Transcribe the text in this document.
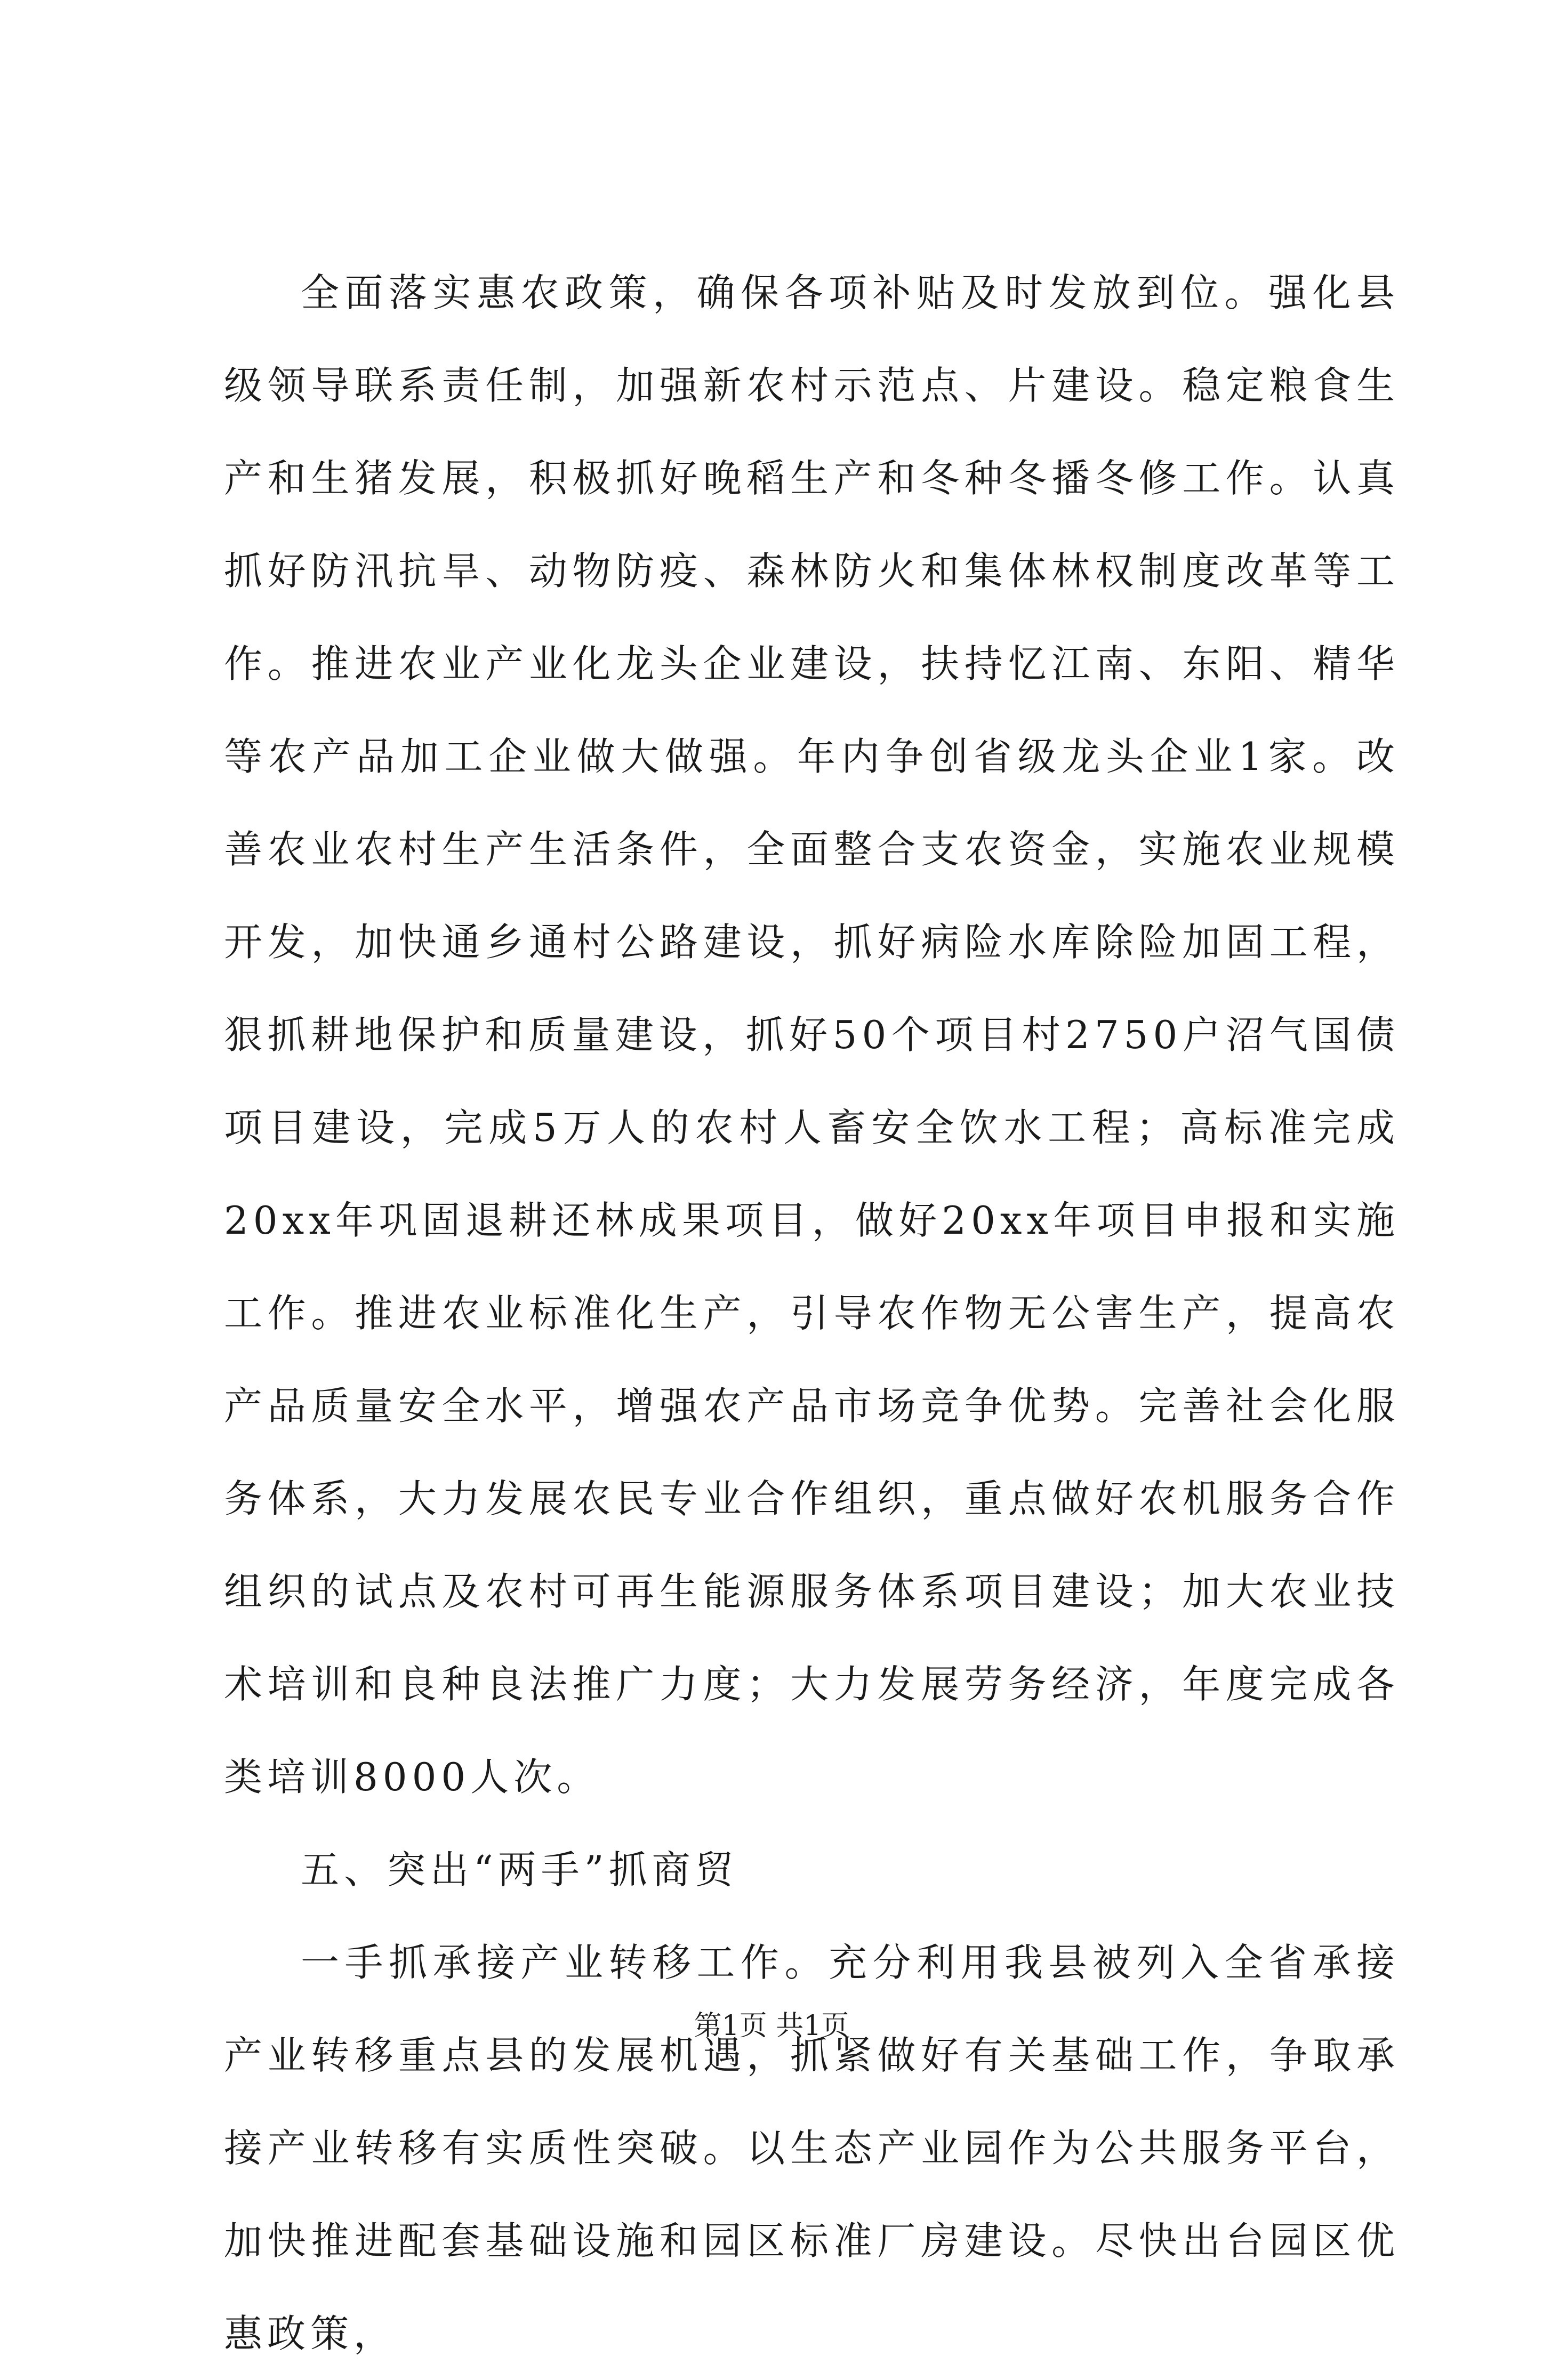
全面落实惠农政策，确保各项补贴及时发放到位。强化县级领导联系责任制，加强新农村示范点、片建设。稳定粮食生产和生猪发展，积极抓好晚稻生产和冬种冬播冬修工作。认真抓好防汛抗旱、动物防疫、森林防火和集体林权制度改革等工作。推进农业产业化龙头企业建设，扶持忆江南、东阳、精华等农产品加工企业做大做强。年内争创省级龙头企业1家。改善农业农村生产生活条件，全面整合支农资金，实施农业规模开发，加快通乡通村公路建设，抓好病险水库除险加固工程，狠抓耕地保护和质量建设，抓好50个项目村2750户沼气国债项目建设，完成5万人的农村人畜安全饮水工程；高标准完成20xx年巩固退耕还林成果项目，做好20xx年项目申报和实施工作。推进农业标准化生产，引导农作物无公害生产，提高农产品质量安全水平，增强农产品市场竞争优势。完善社会化服务体系，大力发展农民专业合作组织，重点做好农机服务合作组织的试点及农村可再生能源服务体系项目建设；加大农业技术培训和良种良法推广力度；大力发展劳务经济，年度完成各类培训8000人次。

五、突出“两手”抓商贸

一手抓承接产业转移工作。充分利用我县被列入全省承接产业转移重点县的发展机遇，抓紧做好有关基础工作，争取承接产业转移有实质性突破。以生态产业园作为公共服务平台，加快推进配套基础设施和园区标准厂房建设。尽快出台园区优惠政策，

第1页 共1页
